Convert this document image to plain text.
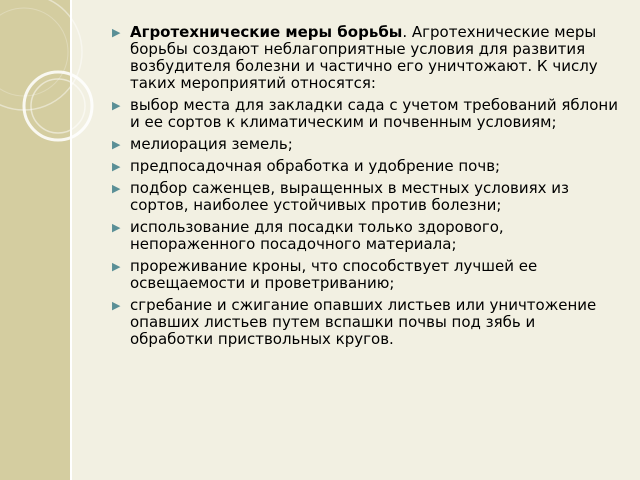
▶ Агротехнические меры борьбы. Агротехнические меры борьбы создают неблагоприятные условия для развития возбудителя болезни и частично его уничтожают. К числу таких мероприятий относятся:
▶ выбор места для закладки сада с учетом требований яблони и ее сортов к климатическим и почвенным условиям;
▶ мелиорация земель;
▶ предпосадочная обработка и удобрение почв;
▶ подбор саженцев, выращенных в местных условиях из сортов, наиболее устойчивых против болезни;
▶ использование для посадки только здорового, непораженного посадочного материала;
▶ прореживание кроны, что способствует лучшей ее освещаемости и проветриванию;
▶ сгребание и сжигание опавших листьев или уничтожение опавших листьев путем вспашки почвы под зябь и обработки приствольных кругов.
